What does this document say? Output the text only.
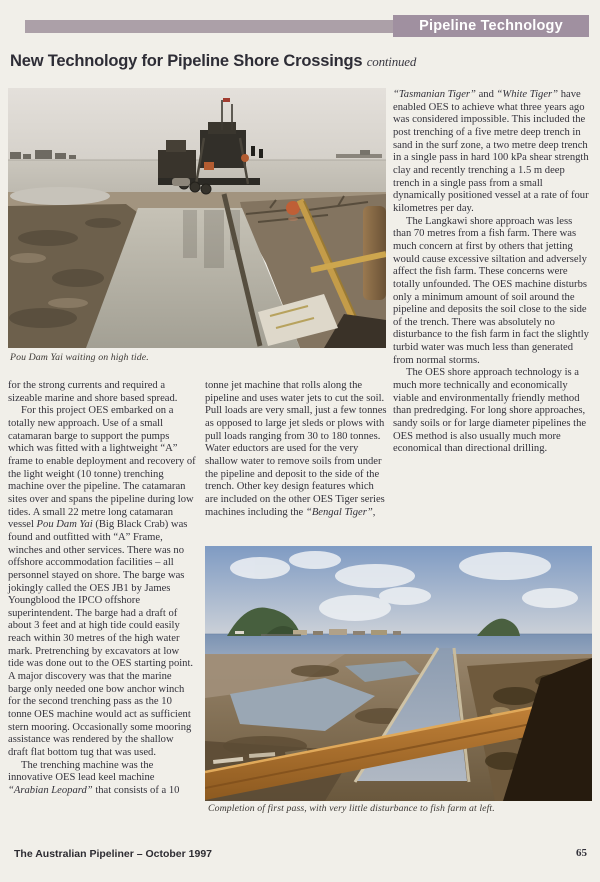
Pipeline Technology
New Technology for Pipeline Shore Crossings continued
Pou Dam Yai waiting on high tide.

for the strong currents and required a sizeable marine and shore based spread.

For this project OES embarked on a totally new approach. Use of a small catamaran barge to support the pumps which was fitted with a lightweight “A” frame to enable deployment and recovery of the light weight (10 tonne) trenching machine over the pipeline. The catamaran sites over and spans the pipeline during low tides. A small 22 metre long catamaran vessel Pou Dam Yai (Big Black Crab) was found and outfitted with “A” Frame, winches and other services. There was no offshore accommodation facilities – all personnel stayed on shore. The barge was jokingly called the OES JB1 by James Youngblood the IPCO offshore superintendent. The barge had a draft of about 3 feet and at high tide could easily reach within 30 metres of the high water mark. Pretrenching by excavators at low tide was done out to the OES starting point. A major discovery was that the marine barge only needed one bow anchor winch for the second trenching pass as the 10 tonne OES machine would act as sufficient stern mooring. Occasionally some mooring assistance was rendered by the shallow draft flat bottom tug that was used.

The trenching machine was the innovative OES lead keel machine “Arabian Leopard” that consists of a 10

tonne jet machine that rolls along the pipeline and uses water jets to cut the soil. Pull loads are very small, just a few tonnes as opposed to large jet sleds or plows with pull loads ranging from 30 to 180 tonnes. Water eductors are used for the very shallow water to remove soils from under the pipeline and deposit to the side of the trench. Other key design features which are included on the other OES Tiger series machines including the “Bengal Tiger”,

“Tasmanian Tiger” and “White Tiger” have enabled OES to achieve what three years ago was considered impossible. This included the post trenching of a five metre deep trench in sand in the surf zone, a two metre deep trench in a single pass in hard 100 kPa shear strength clay and recently trenching a 1.5 m deep trench in a single pass from a small dynamically positioned vessel at a rate of four kilometres per day.

The Langkawi shore approach was less than 70 metres from a fish farm. There was much concern at first by others that jetting would cause excessive siltation and adversely affect the fish farm. These concerns were totally unfounded. The OES machine disturbs only a minimum amount of soil around the pipeline and deposits the soil close to the side of the trench. There was absolutely no disturbance to the fish farm in fact the slightly turbid water was much less than generated from normal storms.

The OES shore approach technology is a much more technically and economically viable and environmentally friendly method than predredging. For long shore approaches, sandy soils or for large diameter pipelines the OES method is also usually much more economical than directional drilling.

Completion of first pass, with very little disturbance to fish farm at left.
The Australian Pipeliner – October 1997	65
